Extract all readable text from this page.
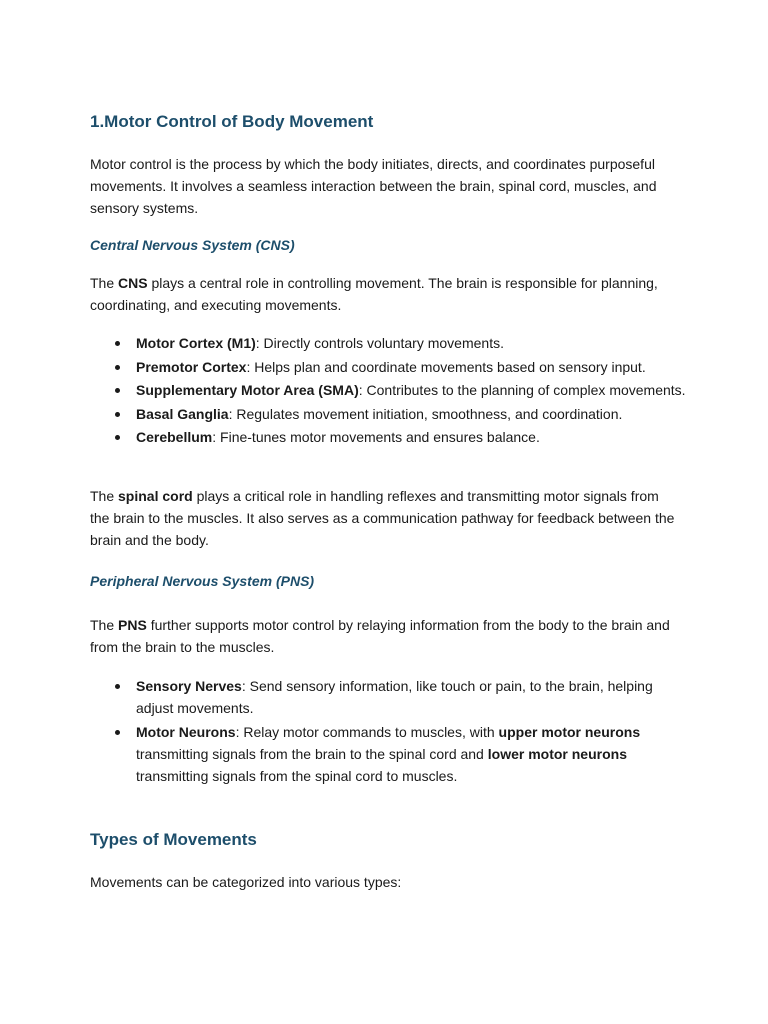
1.Motor Control of Body Movement
Motor control is the process by which the body initiates, directs, and coordinates purposeful movements. It involves a seamless interaction between the brain, spinal cord, muscles, and sensory systems.
Central Nervous System (CNS)
The CNS plays a central role in controlling movement. The brain is responsible for planning, coordinating, and executing movements.
Motor Cortex (M1): Directly controls voluntary movements.
Premotor Cortex: Helps plan and coordinate movements based on sensory input.
Supplementary Motor Area (SMA): Contributes to the planning of complex movements.
Basal Ganglia: Regulates movement initiation, smoothness, and coordination.
Cerebellum: Fine-tunes motor movements and ensures balance.
The spinal cord plays a critical role in handling reflexes and transmitting motor signals from the brain to the muscles. It also serves as a communication pathway for feedback between the brain and the body.
Peripheral Nervous System (PNS)
The PNS further supports motor control by relaying information from the body to the brain and from the brain to the muscles.
Sensory Nerves: Send sensory information, like touch or pain, to the brain, helping adjust movements.
Motor Neurons: Relay motor commands to muscles, with upper motor neurons transmitting signals from the brain to the spinal cord and lower motor neurons transmitting signals from the spinal cord to muscles.
Types of Movements
Movements can be categorized into various types:
